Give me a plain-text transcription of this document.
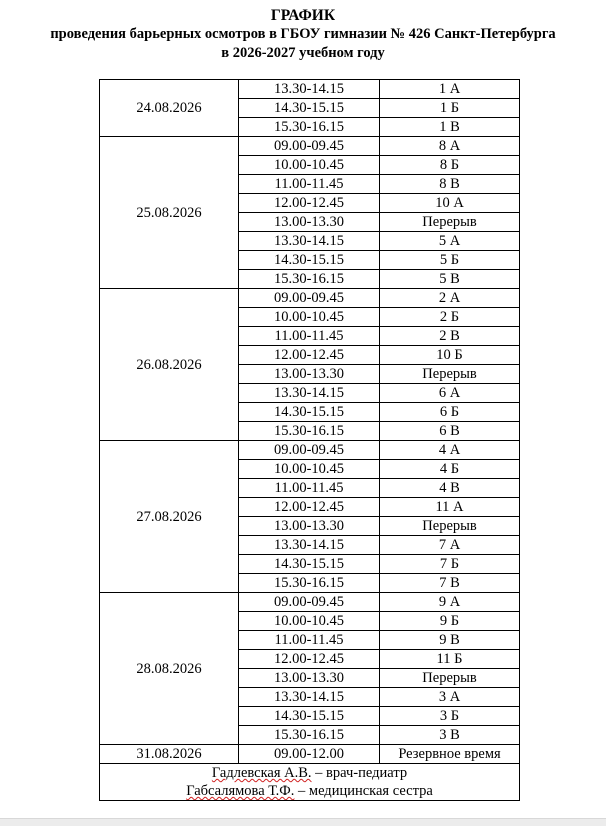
ГРАФИК
проведения барьерных осмотров в ГБОУ гимназии № 426 Санкт-Петербурга
в 2026-2027 учебном году
24.08.2026	13.30-14.15	1 А
	14.30-15.15	1 Б
	15.30-16.15	1 В
25.08.2026	09.00-09.45	8 А
	10.00-10.45	8 Б
	11.00-11.45	8 В
	12.00-12.45	10 А
	13.00-13.30	Перерыв
	13.30-14.15	5 А
	14.30-15.15	5 Б
	15.30-16.15	5 В
26.08.2026	09.00-09.45	2 А
	10.00-10.45	2 Б
	11.00-11.45	2 В
	12.00-12.45	10 Б
	13.00-13.30	Перерыв
	13.30-14.15	6 А
	14.30-15.15	6 Б
	15.30-16.15	6 В
27.08.2026	09.00-09.45	4 А
	10.00-10.45	4 Б
	11.00-11.45	4 В
	12.00-12.45	11 А
	13.00-13.30	Перерыв
	13.30-14.15	7 А
	14.30-15.15	7 Б
	15.30-16.15	7 В
28.08.2026	09.00-09.45	9 А
	10.00-10.45	9 Б
	11.00-11.45	9 В
	12.00-12.45	11 Б
	13.00-13.30	Перерыв
	13.30-14.15	3 А
	14.30-15.15	3 Б
	15.30-16.15	3 В
31.08.2026	09.00-12.00	Резервное время

Гадлевская А.В. – врач-педиатр
Габсалямова Т.Ф. – медицинская сестра		
